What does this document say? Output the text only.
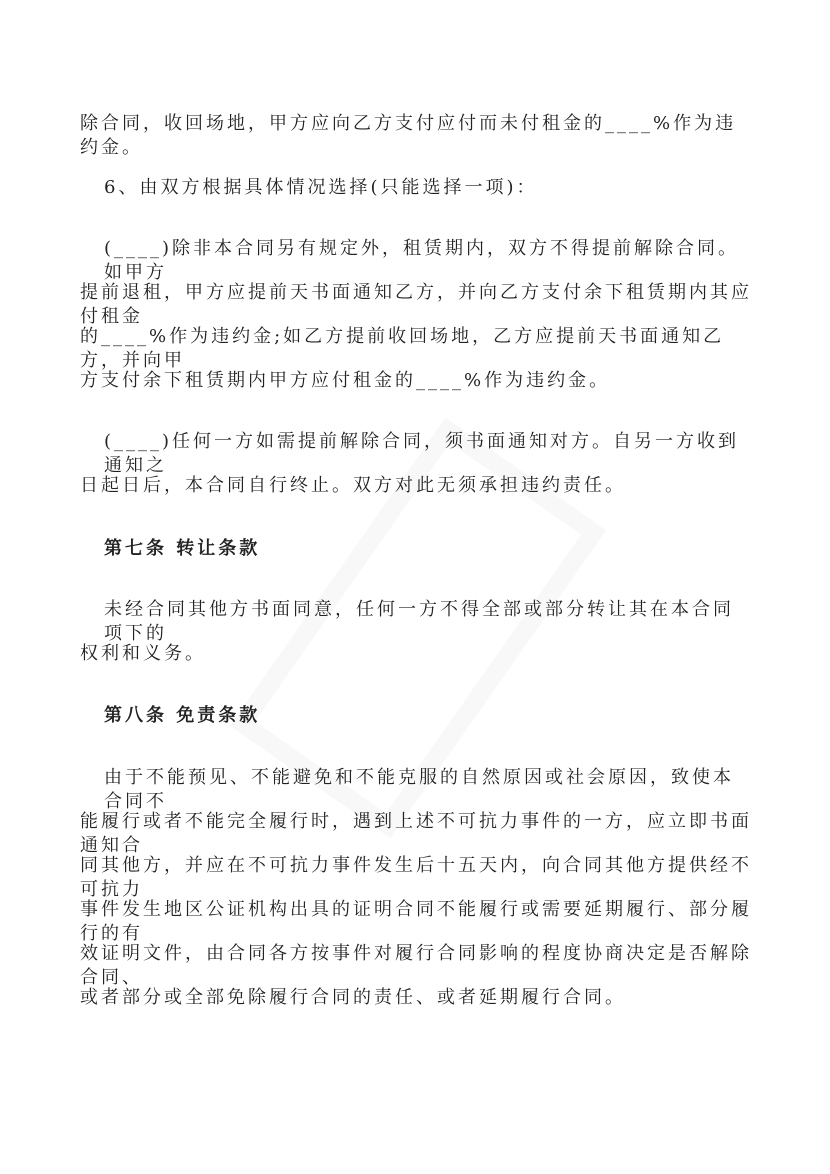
除合同，收回场地，甲方应向乙方支付应付而未付租金的____%作为违约金。
6、由双方根据具体情况选择(只能选择一项)：
(____)除非本合同另有规定外，租赁期内，双方不得提前解除合同。如甲方
提前退租，甲方应提前天书面通知乙方，并向乙方支付余下租赁期内其应付租金
的____%作为违约金;如乙方提前收回场地，乙方应提前天书面通知乙方，并向甲
方支付余下租赁期内甲方应付租金的____%作为违约金。
(____)任何一方如需提前解除合同，须书面通知对方。自另一方收到通知之
日起日后，本合同自行终止。双方对此无须承担违约责任。
第七条 转让条款
未经合同其他方书面同意，任何一方不得全部或部分转让其在本合同项下的
权利和义务。
第八条 免责条款
由于不能预见、不能避免和不能克服的自然原因或社会原因，致使本合同不
能履行或者不能完全履行时，遇到上述不可抗力事件的一方，应立即书面通知合
同其他方，并应在不可抗力事件发生后十五天内，向合同其他方提供经不可抗力
事件发生地区公证机构出具的证明合同不能履行或需要延期履行、部分履行的有
效证明文件，由合同各方按事件对履行合同影响的程度协商决定是否解除合同、
或者部分或全部免除履行合同的责任、或者延期履行合同。
